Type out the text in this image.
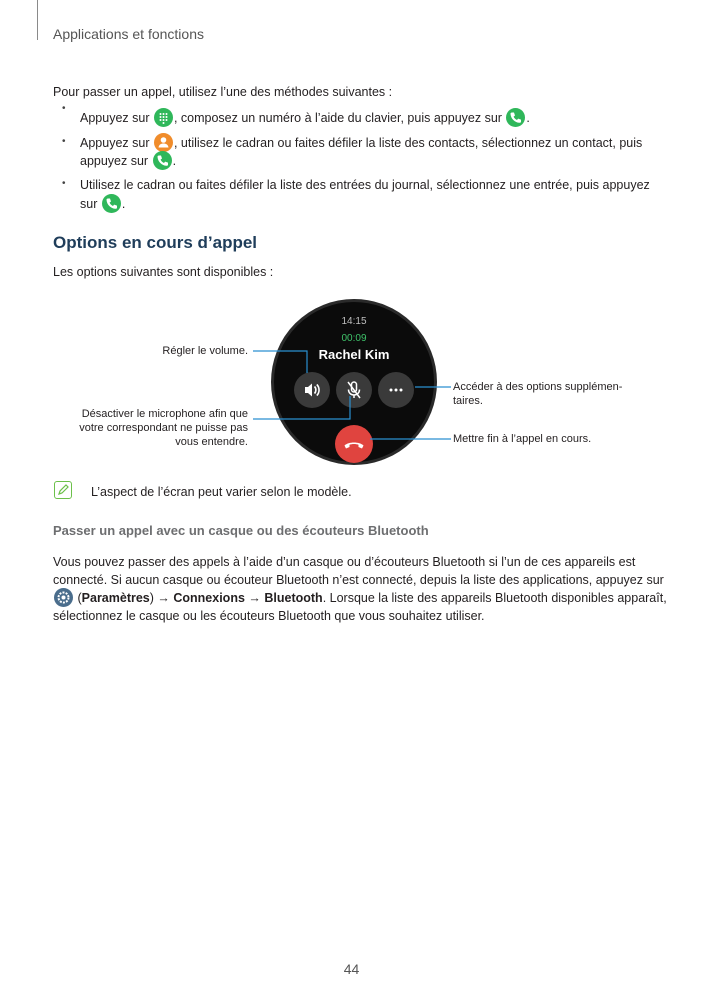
Applications et fonctions
Pour passer un appel, utilisez l’une des méthodes suivantes :
•
Appuyez sur , composez un numéro à l’aide du clavier, puis appuyez sur .
• Appuyez sur , utilisez le cadran ou faites défiler la liste des contacts, sélectionnez un contact, puis
appuyez sur .
• Utilisez le cadran ou faites défiler la liste des entrées du journal, sélectionnez une entrée, puis appuyez
sur .
Options en cours d’appel
Les options suivantes sont disponibles :
14:15
00:09
Rachel Kim
Régler le volume.
Désactiver le microphone afin que
votre correspondant ne puisse pas
vous entendre.
Accéder à des options supplémen-
taires.
Mettre fin à l’appel en cours.
L’aspect de l’écran peut varier selon le modèle.
Passer un appel avec un casque ou des écouteurs Bluetooth
Vous pouvez passer des appels à l’aide d’un casque ou d’écouteurs Bluetooth si l’un de ces appareils est
connecté. Si aucun casque ou écouteur Bluetooth n’est connecté, depuis la liste des applications, appuyez sur
(Paramètres) → Connexions → Bluetooth. Lorsque la liste des appareils Bluetooth disponibles apparaît,
sélectionnez le casque ou les écouteurs Bluetooth que vous souhaitez utiliser.
44
